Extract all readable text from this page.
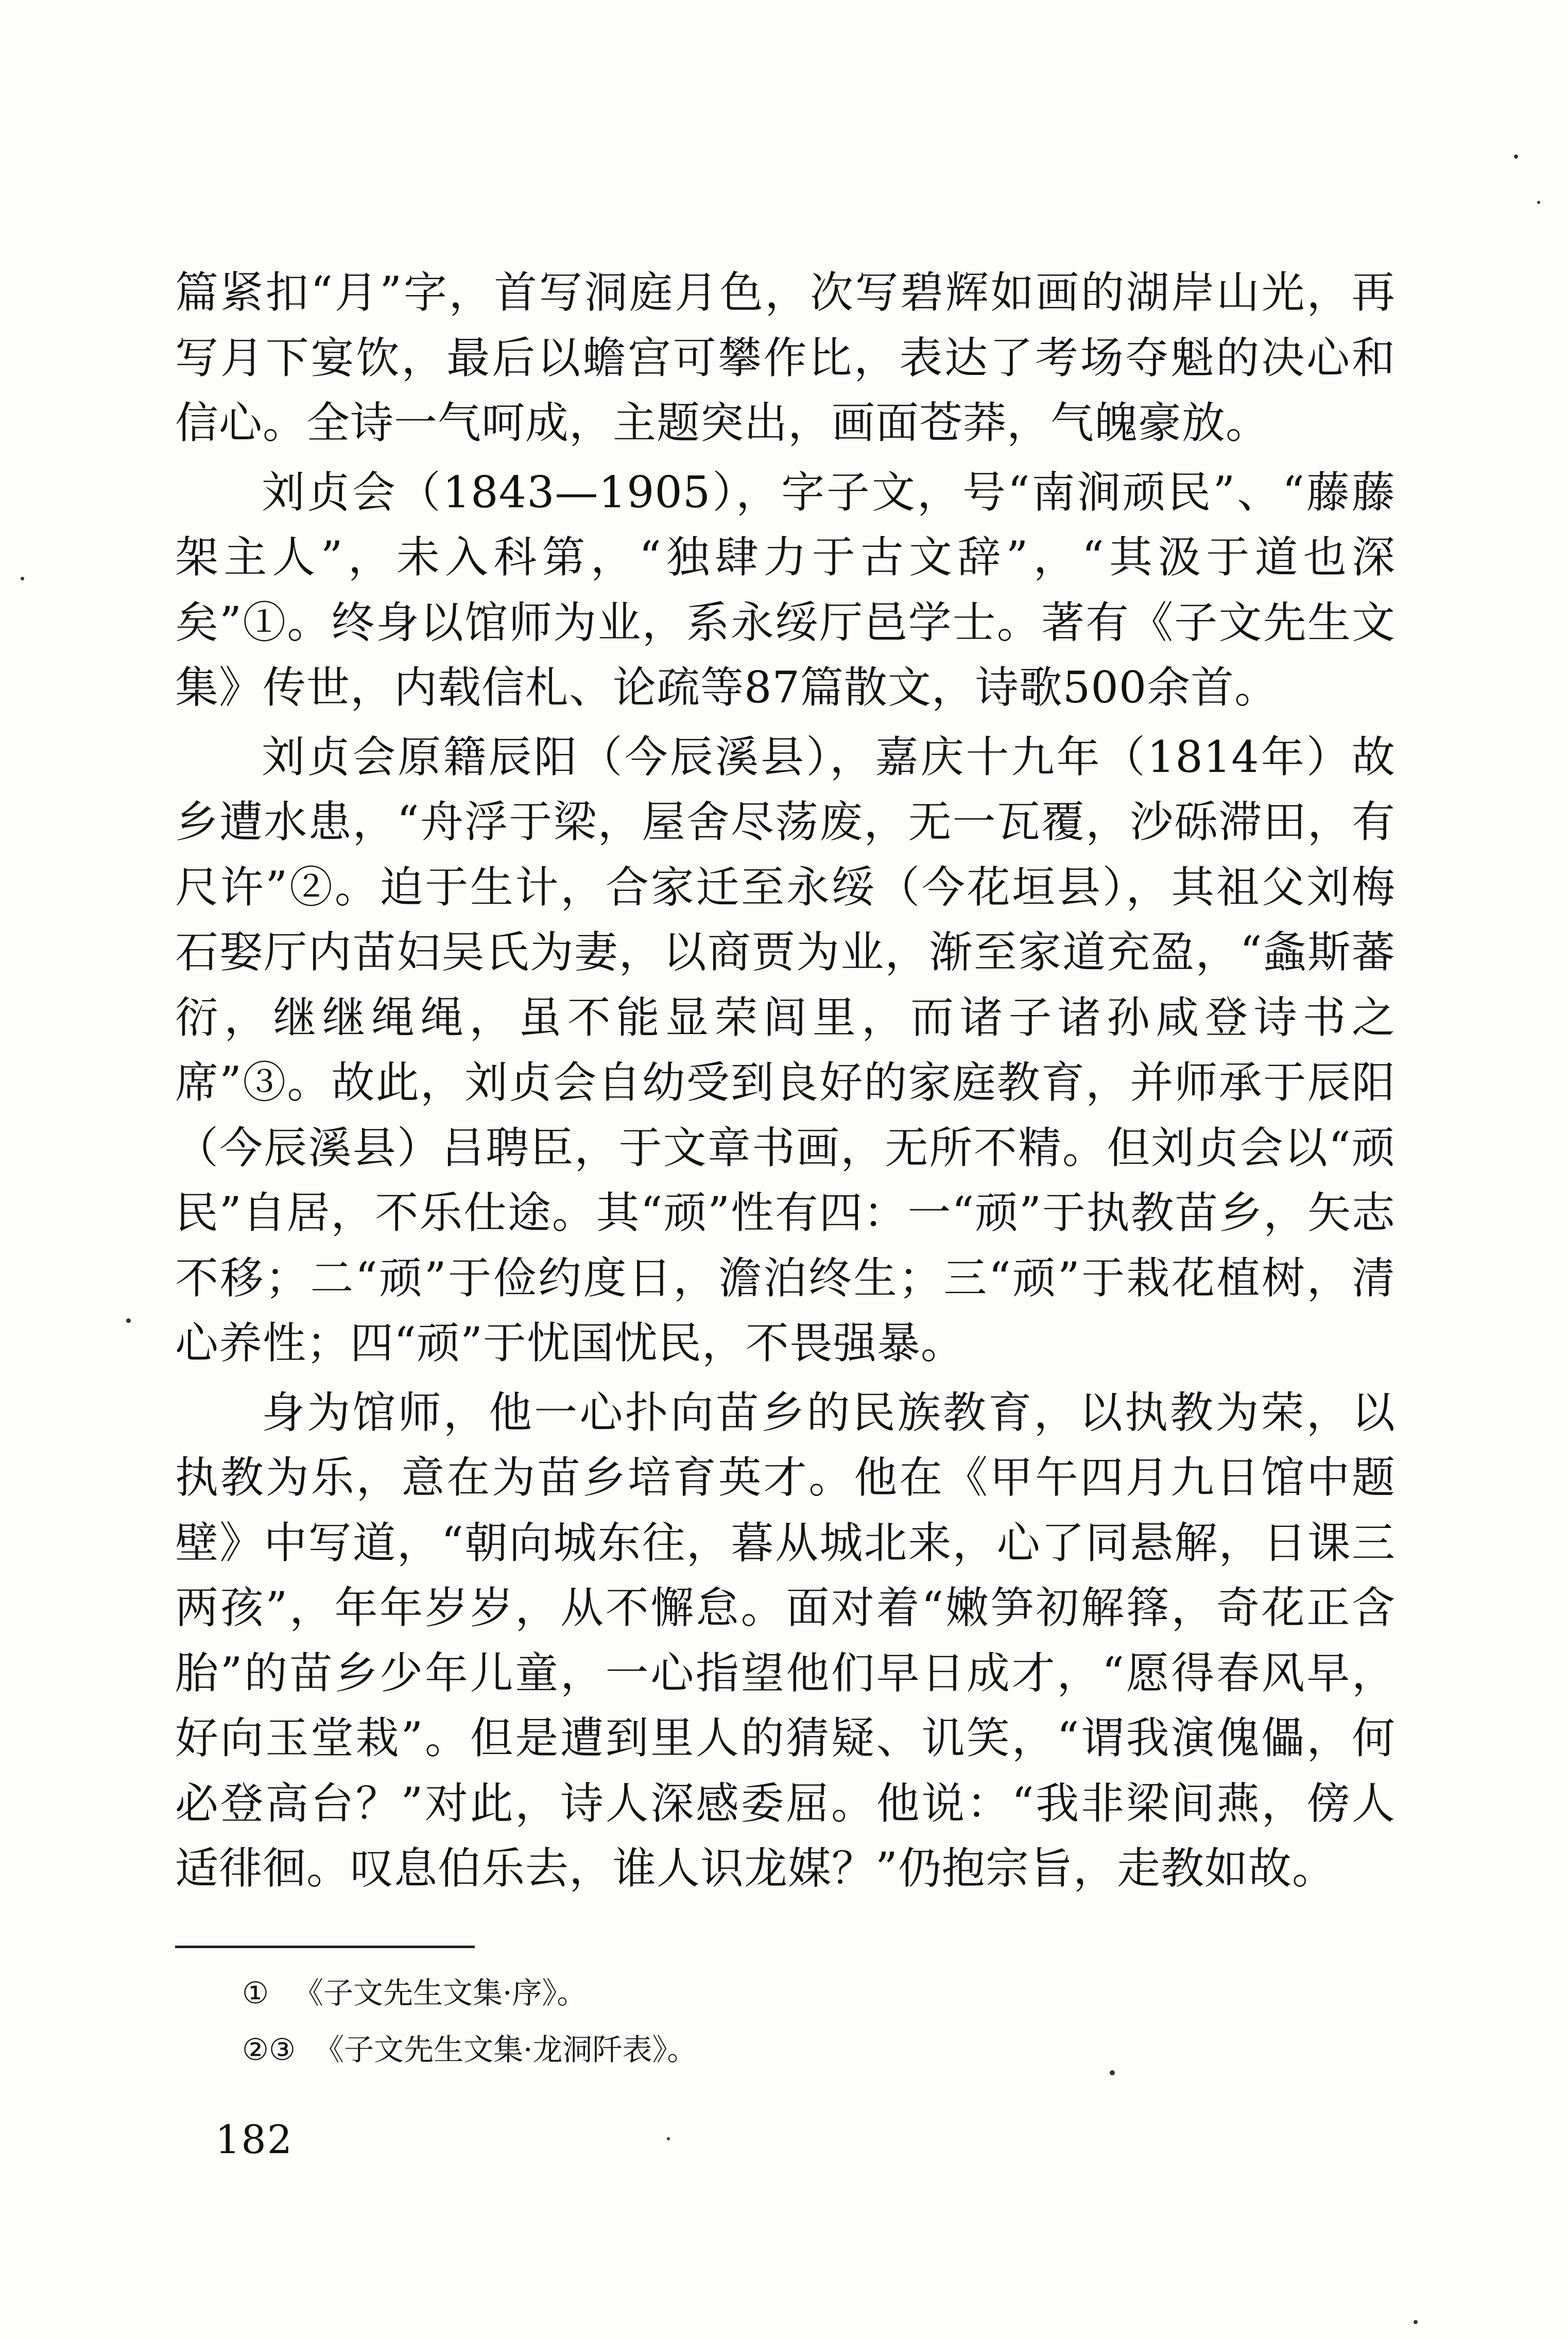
篇紧扣“月”字，首写洞庭月色，次写碧辉如画的湖岸山光，再写月下宴饮，最后以蟾宫可攀作比，表达了考场夺魁的决心和信心。全诗一气呵成，主题突出，画面苍莽，气魄豪放。

刘贞会（1843—1905），字子文，号“南涧顽民”、“藤藤架主人”，未入科第，“独肆力于古文辞”，“其汲于道也深矣”①。终身以馆师为业，系永绥厅邑学士。著有《子文先生文集》传世，内载信札、论疏等87篇散文，诗歌500余首。

刘贞会原籍辰阳（今辰溪县），嘉庆十九年（1814年）故乡遭水患，“舟浮于梁，屋舍尽荡废，无一瓦覆，沙砾滞田，有尺许”②。迫于生计，合家迁至永绥（今花垣县），其祖父刘梅石娶厅内苗妇吴氏为妻，以商贾为业，渐至家道充盈，“螽斯蕃衍，继继绳绳，虽不能显荣闾里，而诸子诸孙咸登诗书之席”③。故此，刘贞会自幼受到良好的家庭教育，并师承于辰阳（今辰溪县）吕聘臣，于文章书画，无所不精。但刘贞会以“顽民”自居，不乐仕途。其“顽”性有四：一“顽”于执教苗乡，矢志不移；二“顽”于俭约度日，澹泊终生；三“顽”于栽花植树，清心养性；四“顽”于忧国忧民，不畏强暴。

身为馆师，他一心扑向苗乡的民族教育，以执教为荣，以执教为乐，意在为苗乡培育英才。他在《甲午四月九日馆中题壁》中写道，“朝向城东往，暮从城北来，心了同悬解，日课三两孩”，年年岁岁，从不懈怠。面对着“嫩笋初解箨，奇花正含胎”的苗乡少年儿童，一心指望他们早日成才，“愿得春风早，好向玉堂栽”。但是遭到里人的猜疑、讥笑，“谓我演傀儡，何必登高台？”对此，诗人深感委屈。他说：“我非梁间燕，傍人适徘徊。叹息伯乐去，谁人识龙媒？”仍抱宗旨，走教如故。

① 《子文先生文集·序》。
②③ 《子文先生文集·龙洞阡表》。
182
